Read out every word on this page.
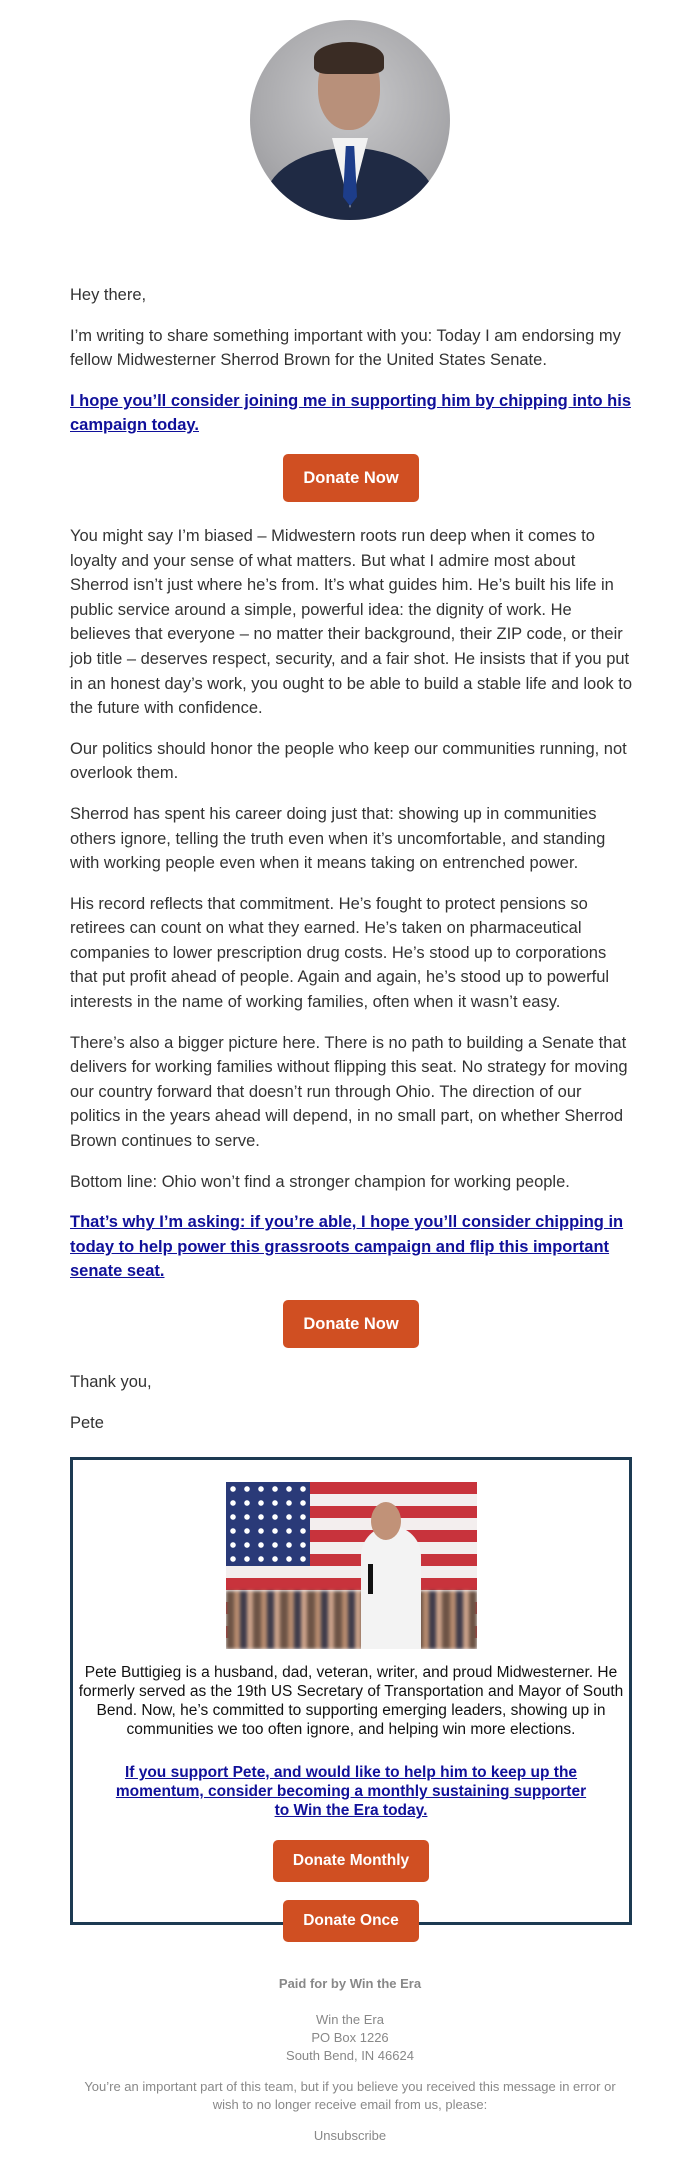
Hey there,

I’m writing to share something important with you: Today I am endorsing my fellow Midwesterner Sherrod Brown for the United States Senate.

I hope you’ll consider joining me in supporting him by chipping into his campaign today.
Donate Now

You might say I’m biased – Midwestern roots run deep when it comes to loyalty and your sense of what matters. But what I admire most about Sherrod isn’t just where he’s from. It’s what guides him. He’s built his life in public service around a simple, powerful idea: the dignity of work. He believes that everyone – no matter their background, their ZIP code, or their job title – deserves respect, security, and a fair shot. He insists that if you put in an honest day’s work, you ought to be able to build a stable life and look to the future with confidence.

Our politics should honor the people who keep our communities running, not overlook them.

Sherrod has spent his career doing just that: showing up in communities others ignore, telling the truth even when it’s uncomfortable, and standing with working people even when it means taking on entrenched power.

His record reflects that commitment. He’s fought to protect pensions so retirees can count on what they earned. He’s taken on pharmaceutical companies to lower prescription drug costs. He’s stood up to corporations that put profit ahead of people. Again and again, he’s stood up to powerful interests in the name of working families, often when it wasn’t easy.

There’s also a bigger picture here. There is no path to building a Senate that delivers for working families without flipping this seat. No strategy for moving our country forward that doesn’t run through Ohio. The direction of our politics in the years ahead will depend, in no small part, on whether Sherrod Brown continues to serve.

Bottom line: Ohio won’t find a stronger champion for working people.

That’s why I’m asking: if you’re able, I hope you’ll consider chipping in today to help power this grassroots campaign and flip this important senate seat.
Donate Now

Thank you,

Pete

Pete Buttigieg is a husband, dad, veteran, writer, and proud Midwesterner. He formerly served as the 19th US Secretary of Transportation and Mayor of South Bend. Now, he’s committed to supporting emerging leaders, showing up in communities we too often ignore, and helping win more elections.
If you support Pete, and would like to help him to keep up the momentum, consider becoming a monthly sustaining supporter to Win the Era today.
Donate Monthly
Donate Once
Paid for by Win the Era
Win the Era
PO Box 1226
South Bend, IN 46624
You’re an important part of this team, but if you believe you received this message in error or wish to no longer receive email from us, please:
Unsubscribe
